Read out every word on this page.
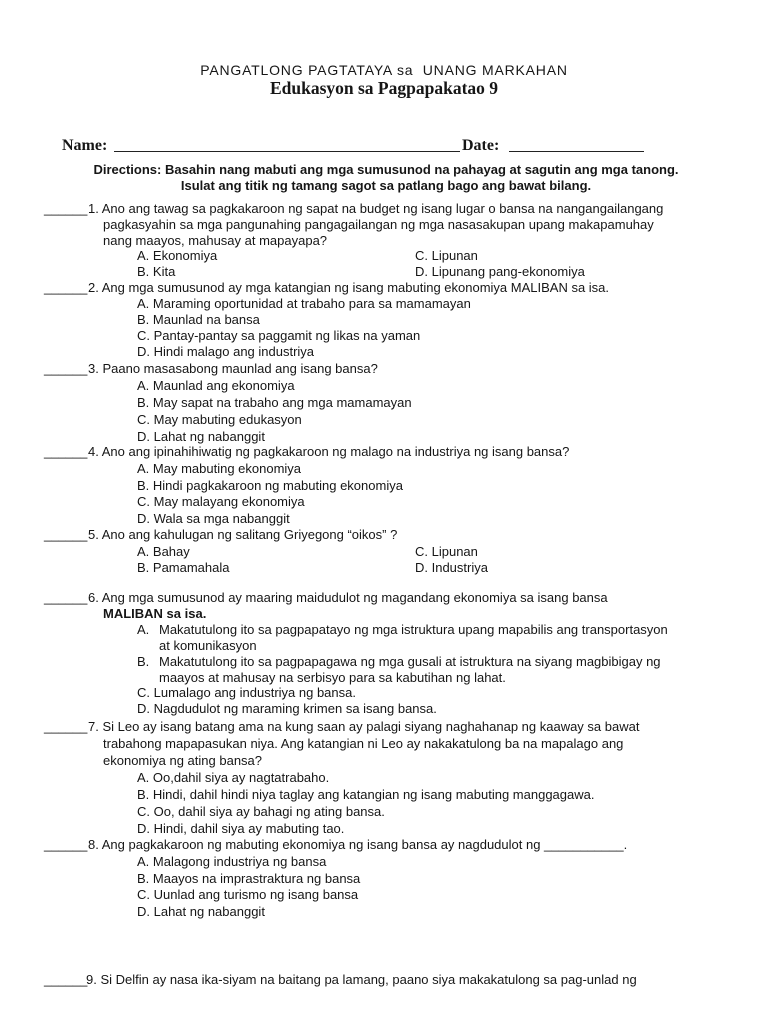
PANGATLONG PAGTATAYA sa  UNANG MARKAHAN
Edukasyon sa Pagpapakatao 9
Name:	Date:
Directions: Basahin nang mabuti ang mga sumusunod na pahayag at sagutin ang mga tanong.
Isulat ang titik ng tamang sagot sa patlang bago ang bawat bilang.
______ 1. Ano ang tawag sa pagkakaroon ng sapat na budget ng isang lugar o bansa na nangangailangang
pagkasyahin sa mga pangunahing pangagailangan ng mga nasasakupan upang makapamuhay
nang maayos, mahusay at mapayapa?
A. Ekonomiya	C. Lipunan
B. Kita	D. Lipunang pang-ekonomiya
______ 2. Ang mga sumusunod ay mga katangian ng isang mabuting ekonomiya MALIBAN sa isa.
A. Maraming oportunidad at trabaho para sa mamamayan
B. Maunlad na bansa
C. Pantay-pantay sa paggamit ng likas na yaman
D. Hindi malago ang industriya
______ 3. Paano masasabong maunlad ang isang bansa?
A. Maunlad ang ekonomiya
B. May sapat na trabaho ang mga mamamayan
C. May mabuting edukasyon
D. Lahat ng nabanggit
______ 4. Ano ang ipinahihiwatig ng pagkakaroon ng malago na industriya ng isang bansa?
A. May mabuting ekonomiya
B. Hindi pagkakaroon ng mabuting ekonomiya
C. May malayang ekonomiya
D. Wala sa mga nabanggit
______ 5. Ano ang kahulugan ng salitang Griyegong “oikos” ?
A. Bahay	C. Lipunan
B. Pamamahala	D. Industriya
______ 6. Ang mga sumusunod ay maaring maidudulot ng magandang ekonomiya sa isang bansa
MALIBAN sa isa.
A. Makatutulong ito sa pagpapatayo ng mga istruktura upang mapabilis ang transportasyon
at komunikasyon
B. Makatutulong ito sa pagpapagawa ng mga gusali at istruktura na siyang magbibigay ng
maayos at mahusay na serbisyo para sa kabutihan ng lahat.
C. Lumalago ang industriya ng bansa.
D. Nagdudulot ng maraming krimen sa isang bansa.
______ 7. Si Leo ay isang batang ama na kung saan ay palagi siyang naghahanap ng kaaway sa bawat
trabahong mapapasukan niya. Ang katangian ni Leo ay nakakatulong ba na mapalago ang
ekonomiya ng ating bansa?
A. Oo,dahil siya ay nagtatrabaho.
B. Hindi, dahil hindi niya taglay ang katangian ng isang mabuting manggagawa.
C. Oo, dahil siya ay bahagi ng ating bansa.
D. Hindi, dahil siya ay mabuting tao.
______ 8. Ang pagkakaroon ng mabuting ekonomiya ng isang bansa ay nagdudulot ng ___________.
A. Malagong industriya ng bansa
B. Maayos na imprastraktura ng bansa
C. Uunlad ang turismo ng isang bansa
D. Lahat ng nabanggit
______
9. Si Delfin ay nasa ika-siyam na baitang pa lamang, paano siya makakatulong sa pag-unlad ng
